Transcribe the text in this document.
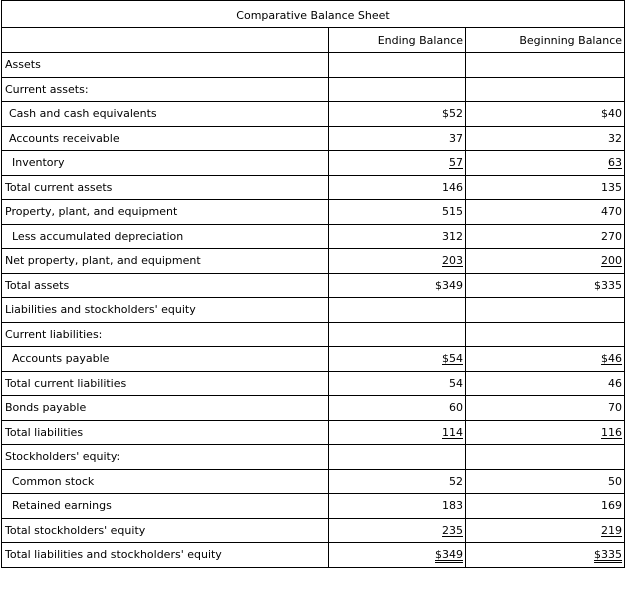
Comparative Balance Sheet		
	Ending Balance	Beginning Balance
Assets		
Current assets:		
Cash and cash equivalents	$52	$40
Accounts receivable	37	32
Inventory	57	63
Total current assets	146	135
Property, plant, and equipment	515	470
Less accumulated depreciation	312	270
Net property, plant, and equipment	203	200
Total assets	$349	$335
Liabilities and stockholders' equity		
Current liabilities:		
Accounts payable	$54	$46
Total current liabilities	54	46
Bonds payable	60	70
Total liabilities	114	116
Stockholders' equity:		
Common stock	52	50
Retained earnings	183	169
Total stockholders' equity	235	219
Total liabilities and stockholders' equity	$349	$335
